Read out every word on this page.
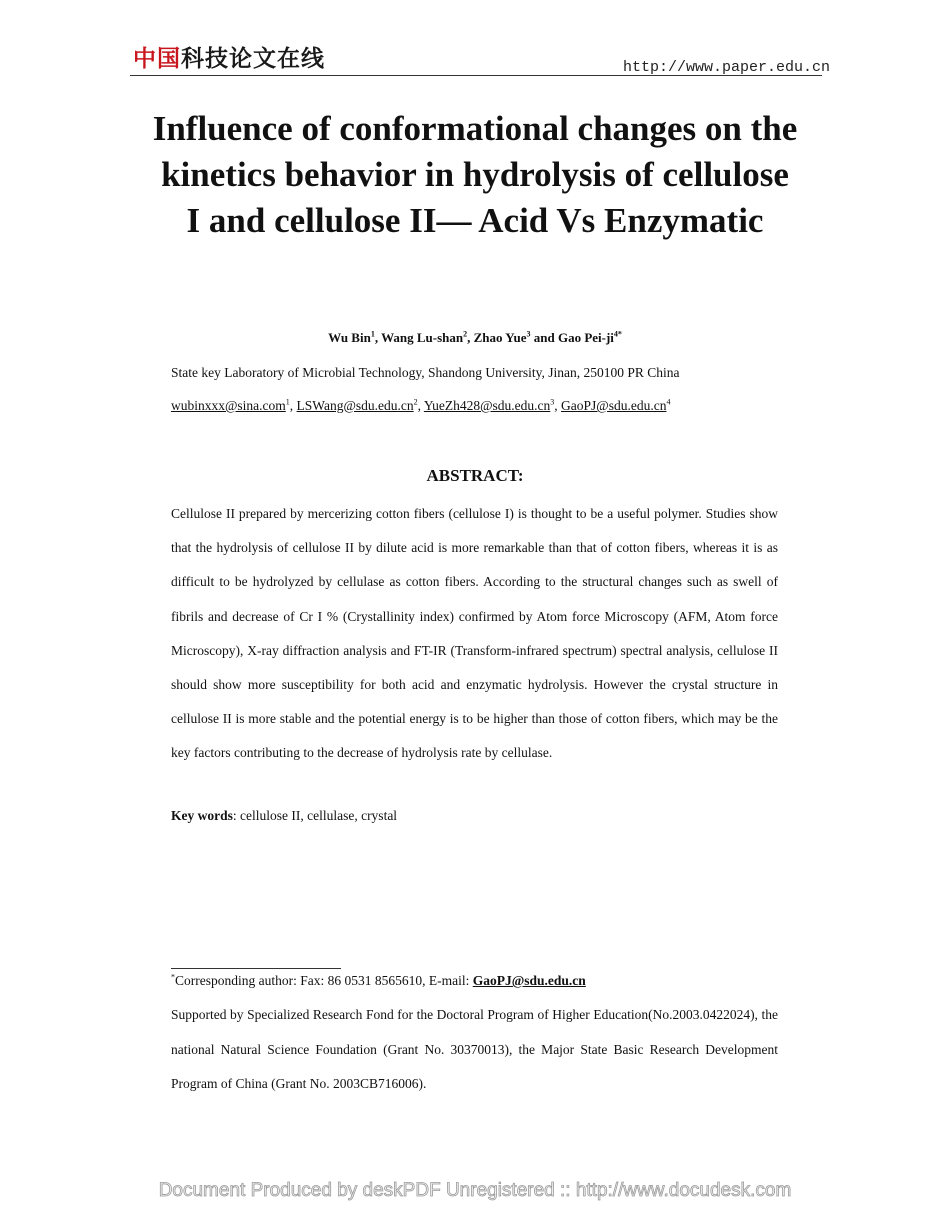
中国科技论文在线	http://www.paper.edu.cn
Influence of conformational changes on the kinetics behavior in hydrolysis of cellulose I and cellulose II— Acid Vs Enzymatic
Wu Bin$^1$, Wang Lu-shan$^2$, Zhao Yue$^3$ and Gao Pei-$ji^{4*}$
State key Laboratory of Microbial Technology, Shandong University, Jinan, 250100 PR China
wubinxxx@sina.com$^1$, $LSWang@sdu.edu.cn^2$, $YueZh428@sdu.edu.cn^3$, $GaoPJ@sdu.edu.cn^4$
ABSTRACT:

Cellulose II prepared by mercerizing cotton fibers (cellulose I) is thought to be a useful polymer. Studies show that the hydrolysis of cellulose II by dilute acid is more remarkable than that of cotton fibers, whereas it is as difficult to be hydrolyzed by cellulase as cotton fibers. According to the structural changes such as swell of fibrils and decrease of Cr I % (Crystallinity index) confirmed by Atom force Microscopy (AFM, Atom force Microscopy), X-ray diffraction analysis and FT-IR (Transform-infrared spectrum) spectral analysis, cellulose II should show more susceptibility for both acid and enzymatic hydrolysis. However the crystal structure in cellulose II is more stable and the potential energy is to be higher than those of cotton fibers, which may be the key factors contributing to the decrease of hydrolysis rate by cellulase.

Key words: cellulose II, cellulase, crystal
*Corresponding author: Fax: 86 0531 8565610, E-mail: GaoPJ@sdu.edu.cn

Supported by Specialized Research Fond for the Doctoral Program of Higher Education(No.2003.0422024), the national Natural Science Foundation (Grant No. 30370013), the Major State Basic Research Development Program of China (Grant No. 2003CB716006).

Document Produced by deskPDF Unregistered :: http://www.docudesk.com
